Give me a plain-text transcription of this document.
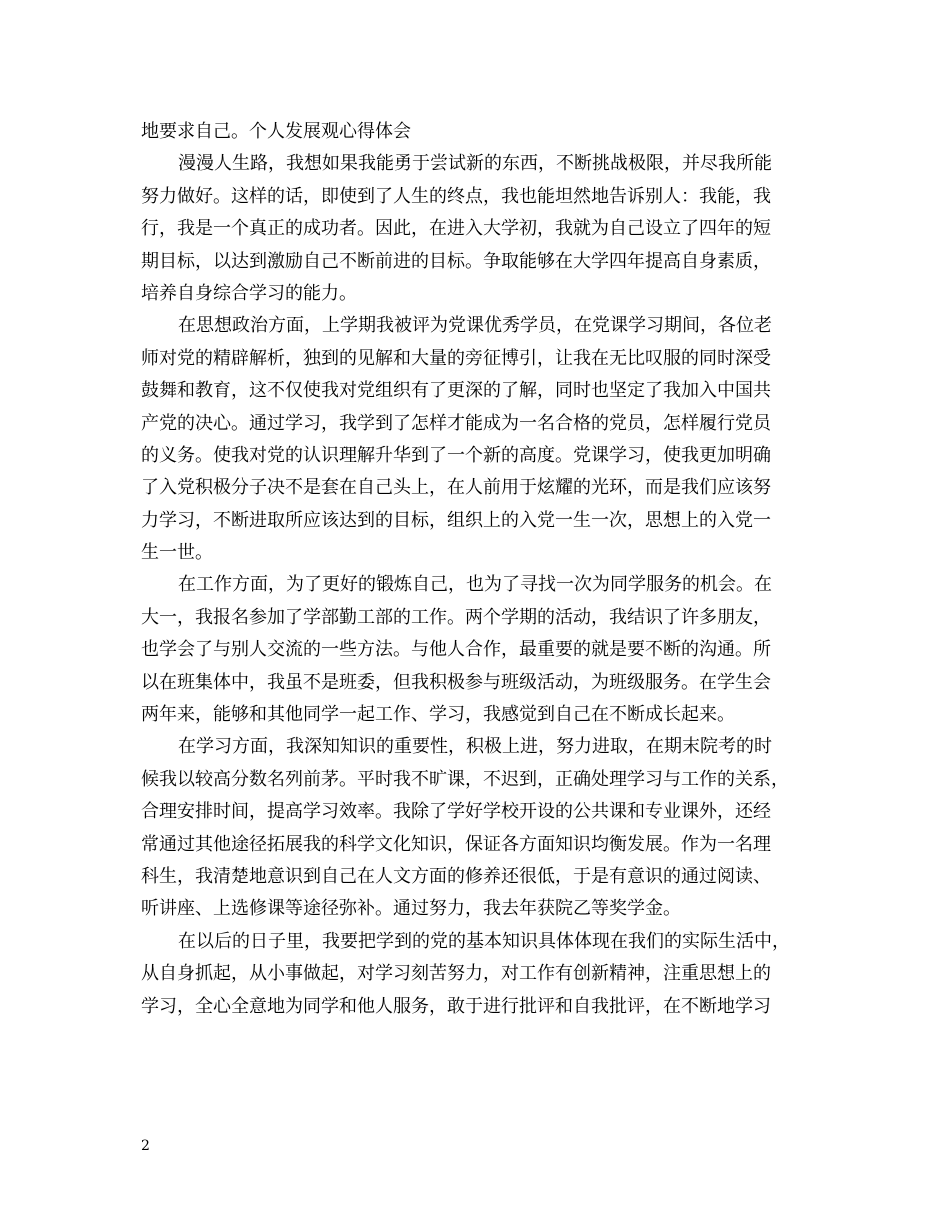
地要求自己。个人发展观心得体会
漫漫人生路，我想如果我能勇于尝试新的东西，不断挑战极限，并尽我所能
努力做好。这样的话，即使到了人生的终点，我也能坦然地告诉别人：我能，我
行，我是一个真正的成功者。因此，在进入大学初，我就为自己设立了四年的短
期目标，以达到激励自己不断前进的目标。争取能够在大学四年提高自身素质，
培养自身综合学习的能力。
在思想政治方面，上学期我被评为党课优秀学员，在党课学习期间，各位老
师对党的精辟解析，独到的见解和大量的旁征博引，让我在无比叹服的同时深受
鼓舞和教育，这不仅使我对党组织有了更深的了解，同时也坚定了我加入中国共
产党的决心。通过学习，我学到了怎样才能成为一名合格的党员，怎样履行党员
的义务。使我对党的认识理解升华到了一个新的高度。党课学习，使我更加明确
了入党积极分子决不是套在自己头上，在人前用于炫耀的光环，而是我们应该努
力学习，不断进取所应该达到的目标，组织上的入党一生一次，思想上的入党一
生一世。
在工作方面，为了更好的锻炼自己，也为了寻找一次为同学服务的机会。在
大一，我报名参加了学部勤工部的工作。两个学期的活动，我结识了许多朋友，
也学会了与别人交流的一些方法。与他人合作，最重要的就是要不断的沟通。所
以在班集体中，我虽不是班委，但我积极参与班级活动，为班级服务。在学生会
两年来，能够和其他同学一起工作、学习，我感觉到自己在不断成长起来。
在学习方面，我深知知识的重要性，积极上进，努力进取，在期末院考的时
候我以较高分数名列前茅。平时我不旷课，不迟到，正确处理学习与工作的关系，
合理安排时间，提高学习效率。我除了学好学校开设的公共课和专业课外，还经
常通过其他途径拓展我的科学文化知识，保证各方面知识均衡发展。作为一名理
科生，我清楚地意识到自己在人文方面的修养还很低，于是有意识的通过阅读、
听讲座、上选修课等途径弥补。通过努力，我去年获院乙等奖学金。
在以后的日子里，我要把学到的党的基本知识具体体现在我们的实际生活中，
从自身抓起，从小事做起，对学习刻苦努力，对工作有创新精神，注重思想上的
学习，全心全意地为同学和他人服务，敢于进行批评和自我批评，在不断地学习
2
